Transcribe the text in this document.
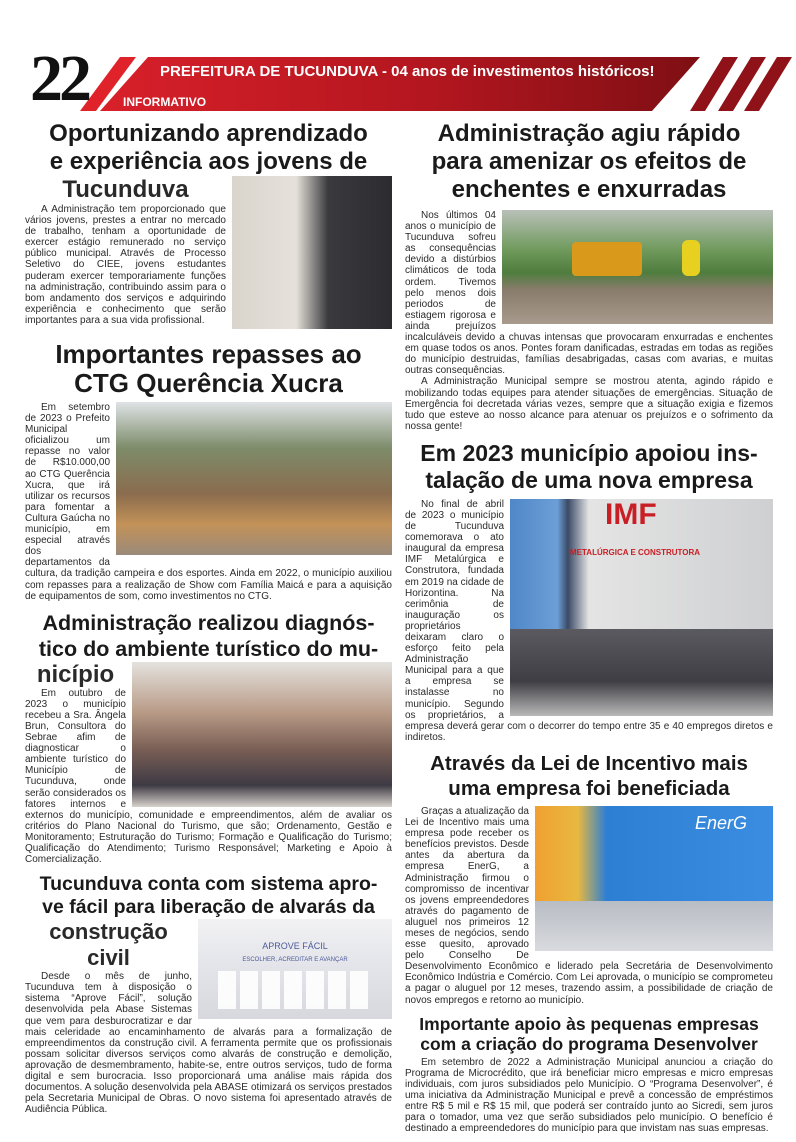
22	PREFEITURA DE TUCUNDUVA - 04 anos de investimentos históricos!
INFORMATIVO
Oportunizando aprendizado
e experiência aos jovens de
Tucunduva

A Administração tem proporcionado que vários jovens, prestes a entrar no mercado de trabalho, tenham a oportunidade de exercer estágio remunerado no serviço público municipal. Através de Processo Seletivo do CIEE, jovens estudantes puderam exercer temporariamente funções na administração, contribuindo assim para o bom andamento dos serviços e adquirindo experiência e conhecimento que serão importantes para a sua vida profissional.

Importantes repasses ao
CTG Querência Xucra

Em setembro de 2023 o Prefeito Municipal oficializou um repasse no valor de R$10.000,00 ao CTG Querência Xucra, que irá utilizar os recursos para fomentar a Cultura Gaúcha no município, em especial através dos departamentos da cultura, da tradição campeira e dos esportes. Ainda em 2022, o município auxiliou com repasses para a realização de Show com Família Maicá e para a aquisição de equipamentos de som, como investimentos no CTG.

Administração realizou diagnós-
tico do ambiente turístico do mu-
nicípio

Em outubro de 2023 o município recebeu a Sra. Ângela Brun, Consultora do Sebrae afim de diagnosticar o ambiente turístico do Município de Tucunduva, onde serão considerados os fatores internos e externos do município, comunidade e empreendimentos, além de avaliar os critérios do Plano Nacional do Turismo, que são; Ordenamento, Gestão e Monitoramento; Estruturação do Turismo; Formação e Qualificação do Turismo; Qualificação do Atendimento; Turismo Responsável; Marketing e Apoio à Comercialização.

Tucunduva conta com sistema apro-
ve fácil para liberação de alvarás da
APROVE FÁCIL
ESCOLHER, ACREDITAR E AVANÇAR
construção civil

Desde o mês de junho, Tucunduva tem à disposição o sistema “Aprove Fácil”, solução desenvolvida pela Abase Sistemas que vem para desburocratizar e dar mais celeridade ao encaminhamento de alvarás para a formalização de empreendimentos da construção civil. A ferramenta permite que os profissionais possam solicitar diversos serviços como alvarás de construção e demolição, aprovação de desmembramento, habite-se, entre outros serviços, tudo de forma digital e sem burocracia. Isso proporcionará uma análise mais rápida dos documentos. A solução desenvolvida pela ABASE otimizará os serviços prestados pela Secretaria Municipal de Obras. O novo sistema foi apresentado através de Audiência Pública.

Administração agiu rápido
para amenizar os efeitos de
enchentes e enxurradas

Nos últimos 04 anos o município de Tucunduva sofreu as consequências devido a distúrbios climáticos de toda ordem. Tivemos pelo menos dois periodos de estiagem rigorosa e ainda prejuízos incalculáveis devido a chuvas intensas que provocaram enxurradas e enchentes em quase todos os anos. Pontes foram danificadas, estradas em todas as regiões do município destruidas, famílias desabrigadas, casas com avarias, e muitas outras consequências.

A Administração Municipal sempre se mostrou atenta, agindo rápido e mobilizando todas equipes para atender situações de emergências. Situação de Emergência foi decretada várias vezes, sempre que a situação exigia e fizemos tudo que esteve ao nosso alcance para atenuar os prejuízos e o sofrimento da nossa gente!

Em 2023 município apoiou ins-
talação de uma nova empresa
IMF
METALÚRGICA E CONSTRUTORA

No final de abril de 2023 o município de Tucunduva comemorava o ato inaugural da empresa IMF Metalúrgica e Construtora, fundada em 2019 na cidade de Horizontina. Na cerimônia de inauguração os proprietários deixaram claro o esforço feito pela Administração Municipal para a que a empresa se instalasse no município. Segundo os proprietários, a empresa deverá gerar com o decorrer do tempo entre 35 e 40 empregos diretos e indiretos.

Através da Lei de Incentivo mais
uma empresa foi beneficiada
EnerG

Graças a atualização da Lei de Incentivo mais uma empresa pode receber os benefícios previstos. Desde antes da abertura da empresa EnerG, a Administração firmou o compromisso de incentivar os jovens empreendedores através do pagamento de aluguel nos primeiros 12 meses de negócios, sendo esse quesito, aprovado pelo Conselho De Desenvolvimento Econômico e liderado pela Secretária de Desenvolvimento Econômico Indústria e Comércio. Com Lei aprovada, o município se comprometeu a pagar o aluguel por 12 meses, trazendo assim, a possibilidade de criação de novos empregos e retorno ao município.

Importante apoio às pequenas empresas
com a criação do programa Desenvolver

Em setembro de 2022 a Administração Municipal anunciou a criação do Programa de Microcrédito, que irá beneficiar micro empresas e micro empresas individuais, com juros subsidiados pelo Município. O “Programa Desenvolver”, é uma iniciativa da Administração Municipal e prevê a concessão de empréstimos entre R$ 5 mil e R$ 15 mil, que poderá ser contraído junto ao Sicredi, sem juros para o tomador, uma vez que serão subsidiados pelo município. O benefício é destinado a empreendedores do município para que invistam nas suas empresas.
